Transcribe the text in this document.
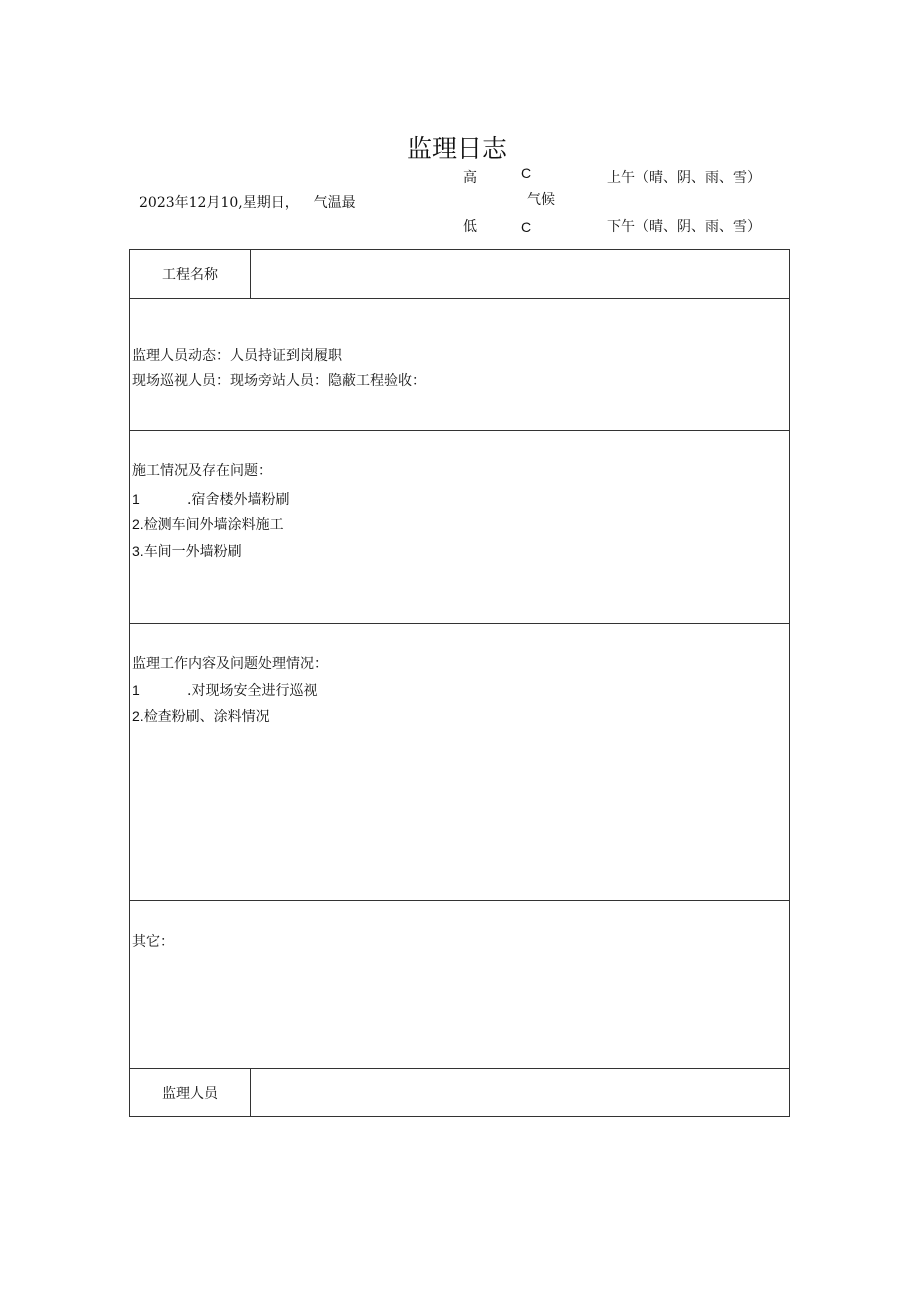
监理日志
2023年12月10,星期日， 气温最
高	C
低	C
气候
上午（晴、阴、雨、雪）
下午（晴、阴、雨、雪）
工程名称
监理人员动态：人员持证到岗履职
现场巡视人员：现场旁站人员：隐蔽工程验收：
施工情况及存在问题：
1	.宿舍楼外墙粉刷
2.检测车间外墙涂料施工
3.车间一外墙粉刷
监理工作内容及问题处理情况：
1	.对现场安全进行巡视
2.检查粉刷、涂料情况
其它：
监理人员
